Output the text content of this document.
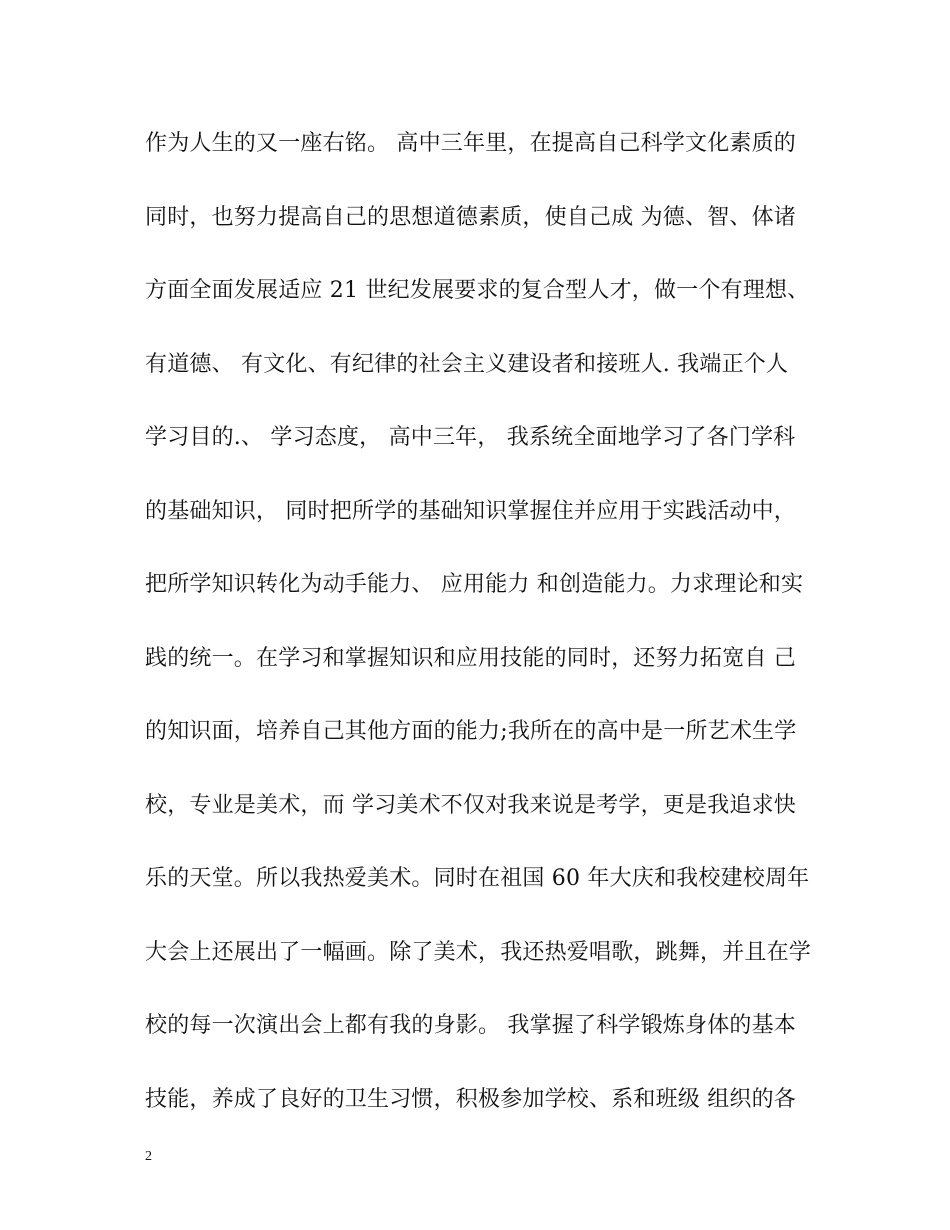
作为人生的又一座右铭。 高中三年里，在提高自己科学文化素质的
同时，也努力提高自己的思想道德素质，使自己成 为德、智、体诸
方面全面发展适应 21 世纪发展要求的复合型人才，做一个有理想、
有道德、 有文化、有纪律的社会主义建设者和接班人. 我端正个人
学习目的.、 学习态度， 高中三年， 我系统全面地学习了各门学科
的基础知识， 同时把所学的基础知识掌握住并应用于实践活动中，
把所学知识转化为动手能力、 应用能力 和创造能力。力求理论和实
践的统一。在学习和掌握知识和应用技能的同时，还努力拓宽自 己
的知识面，培养自己其他方面的能力;我所在的高中是一所艺术生学
校，专业是美术，而 学习美术不仅对我来说是考学，更是我追求快
乐的天堂。所以我热爱美术。同时在祖国 60 年大庆和我校建校周年
大会上还展出了一幅画。除了美术，我还热爱唱歌，跳舞，并且在学
校的每一次演出会上都有我的身影。 我掌握了科学锻炼身体的基本
技能，养成了良好的卫生习惯，积极参加学校、系和班级 组织的各
2
